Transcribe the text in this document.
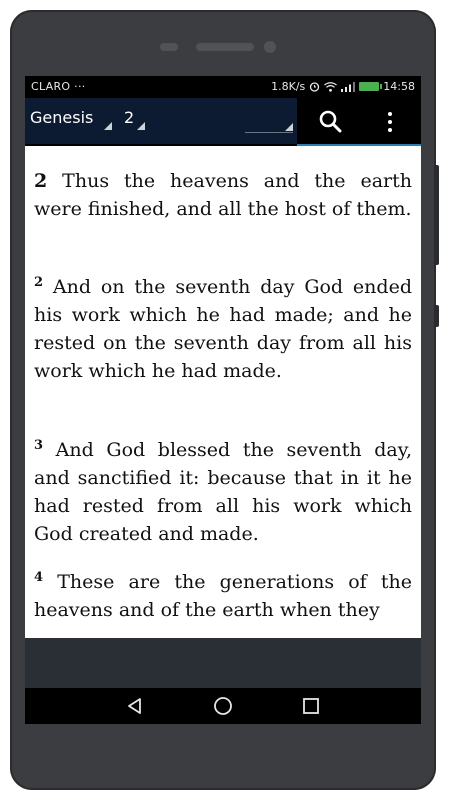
CLARO ···	1.8K/s	14:58
Genesis 2

2 Thus the heavens and the earth were finished, and all the host of them.

$^2$ And on the seventh day God ended his work which he had made; and he rested on the seventh day from all his work which he had made.

$^3$ And God blessed the seventh day, and sanctified it: because that in it he had rested from all his work which God created and made.

$^4$ These are the generations of the heavens and of the earth when they
